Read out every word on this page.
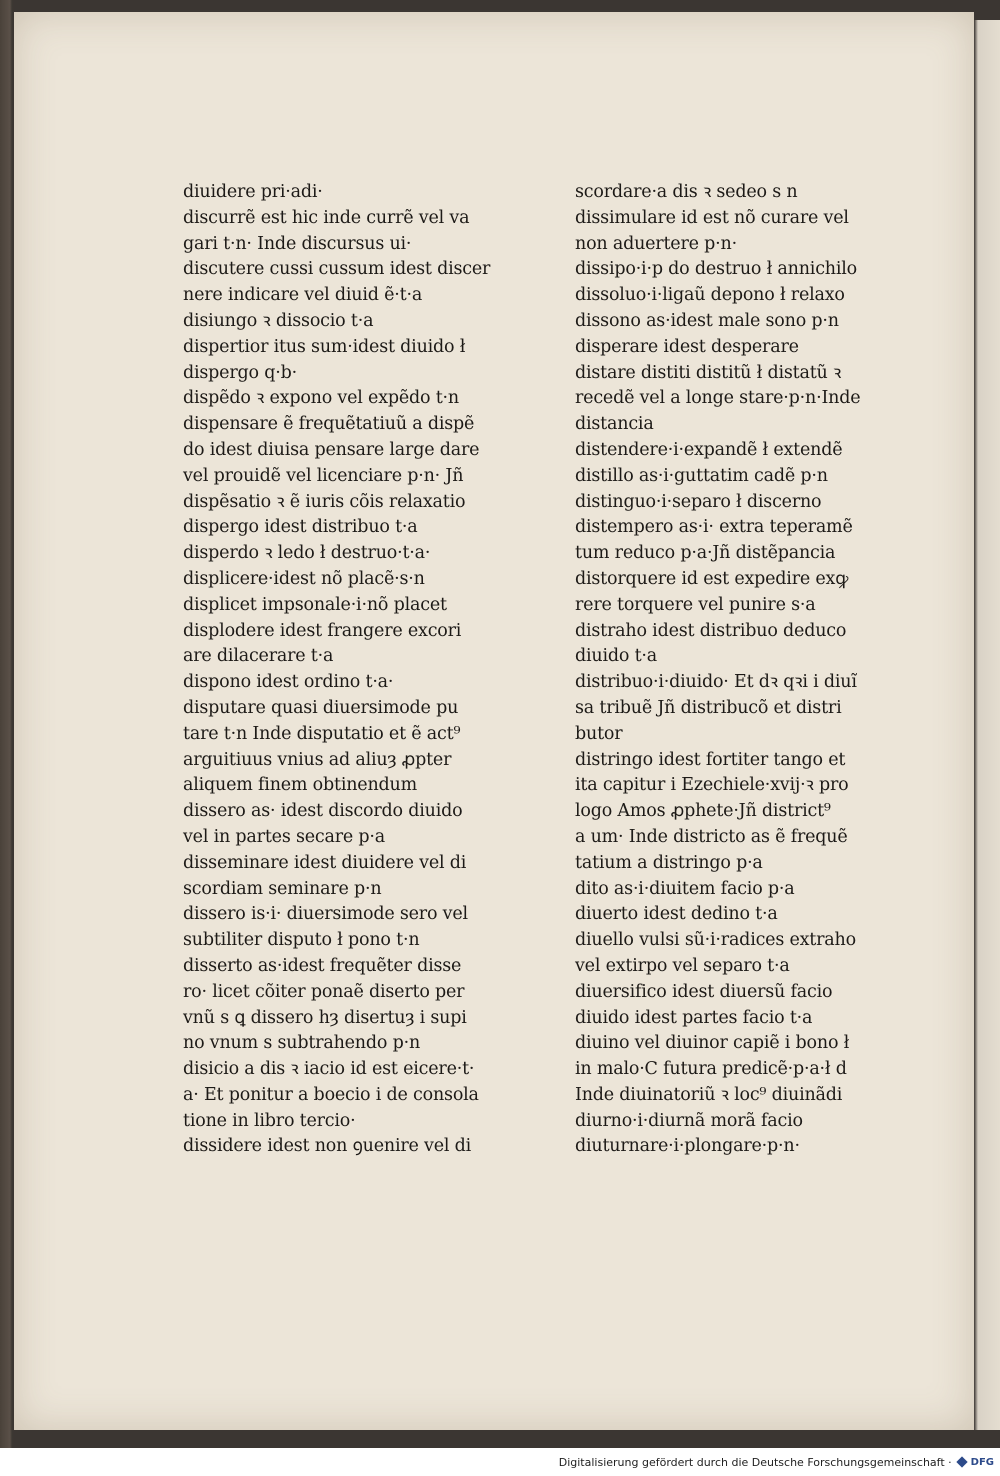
diuidere pri·adi·
discurrẽ est hic inde currẽ vel va
gari t·n· Inde discursus ui·
discutere cussi cussum idest discer
nere indicare vel diuid ẽ·t·a
disiungo ꝛ dissocio t·a
dispertior itus sum·idest diuido ł
dispergo q·b·
dispẽdo ꝛ expono vel expẽdo t·n
dispensare ẽ frequẽtatiuũ a dispẽ
do idest diuisa pensare large dare
vel prouidẽ vel licenciare p·n· Jñ
dispẽsatio ꝛ ẽ iuris cõis relaxatio
dispergo idest distribuo t·a
disperdo ꝛ ledo ł destruo·t·a·
displicere·idest nõ placẽ·s·n
displicet impsonale·i·nõ placet
displodere idest frangere excori
are dilacerare t·a
dispono idest ordino t·a·
disputare quasi diuersimode pu
tare t·n Inde disputatio et ẽ act⁹
arguitiuus vnius ad aliuȝ ꝓpter
aliquem finem obtinendum
dissero as· idest discordo diuido
vel in partes secare p·a
disseminare idest diuidere vel di
scordiam seminare p·n
dissero is·i· diuersimode sero vel
subtiliter disputo ł pono t·n
disserto as·idest frequẽter disse
ro· licet cõiter ponaẽ diserto per
vnũ s ꝗ dissero hȝ disertuȝ i supi
no vnum s subtrahendo p·n
disicio a dis ꝛ iacio id est eicere·t·
a· Et ponitur a boecio i de consola
tione in libro tercio·
dissidere idest non ꝯuenire vel di
scordare·a dis ꝛ sedeo s n
dissimulare id est nõ curare vel
non aduertere p·n·
dissipo·i·p do destruo ł annichilo
dissoluo·i·ligaũ depono ł relaxo
dissono as·idest male sono p·n
disperare idest desperare
distare distiti distitũ ł distatũ ꝛ
recedẽ vel a longe stare·p·n·Inde
distancia
distendere·i·expandẽ ł extendẽ
distillo as·i·guttatim cadẽ p·n
distinguo·i·separo ł discerno
distempero as·i· extra teperamẽ
tum reduco p·a·Jñ distẽpancia
distorquere id est expedire exꝙ
rere torquere vel punire s·a
distraho idest distribuo deduco
diuido t·a
distribuo·i·diuido· Et dꝛ qꝛi i diuĩ
sa tribuẽ Jñ distribucõ et distri
butor
distringo idest fortiter tango et
ita capitur i Ezechiele·xvij·ꝛ pro
logo Amos ꝓphete·Jñ district⁹
a um· Inde districto as ẽ frequẽ
tatium a distringo p·a
dito as·i·diuitem facio p·a
diuerto idest dedino t·a
diuello vulsi sũ·i·radices extraho
vel extirpo vel separo t·a
diuersifico idest diuersũ facio
diuido idest partes facio t·a
diuino vel diuinor capiẽ i bono ł
in malo·C futura predicẽ·p·a·ł d
Inde diuinatoriũ ꝛ loc⁹ diuinãdi
diurno·i·diurnã morã facio
diuturnare·i·plongare·p·n·
Digitalisierung gefördert durch die Deutsche Forschungsgemeinschaft · DFG
